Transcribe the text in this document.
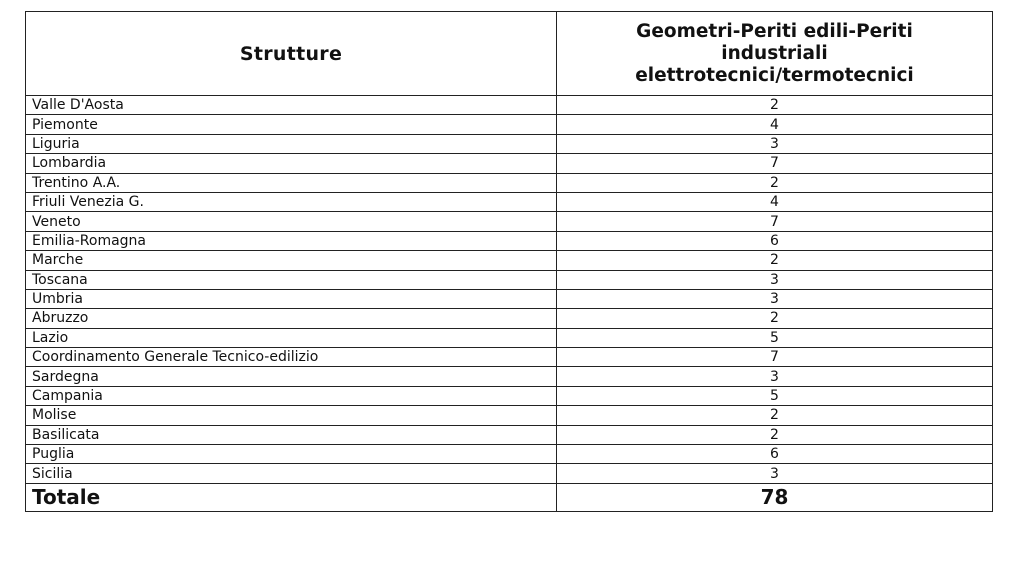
Strutture	Geometri-Periti edili-Periti
industriali
elettrotecnici/termotecnici

Valle D'Aosta	2
Piemonte	4
Liguria	3
Lombardia	7
Trentino A.A.	2
Friuli Venezia G.	4
Veneto	7
Emilia-Romagna	6
Marche	2
Toscana	3
Umbria	3
Abruzzo	2
Lazio	5
Coordinamento Generale Tecnico-edilizio	7
Sardegna	3
Campania	5
Molise	2
Basilicata	2
Puglia	6
Sicilia	3
Totale	78
